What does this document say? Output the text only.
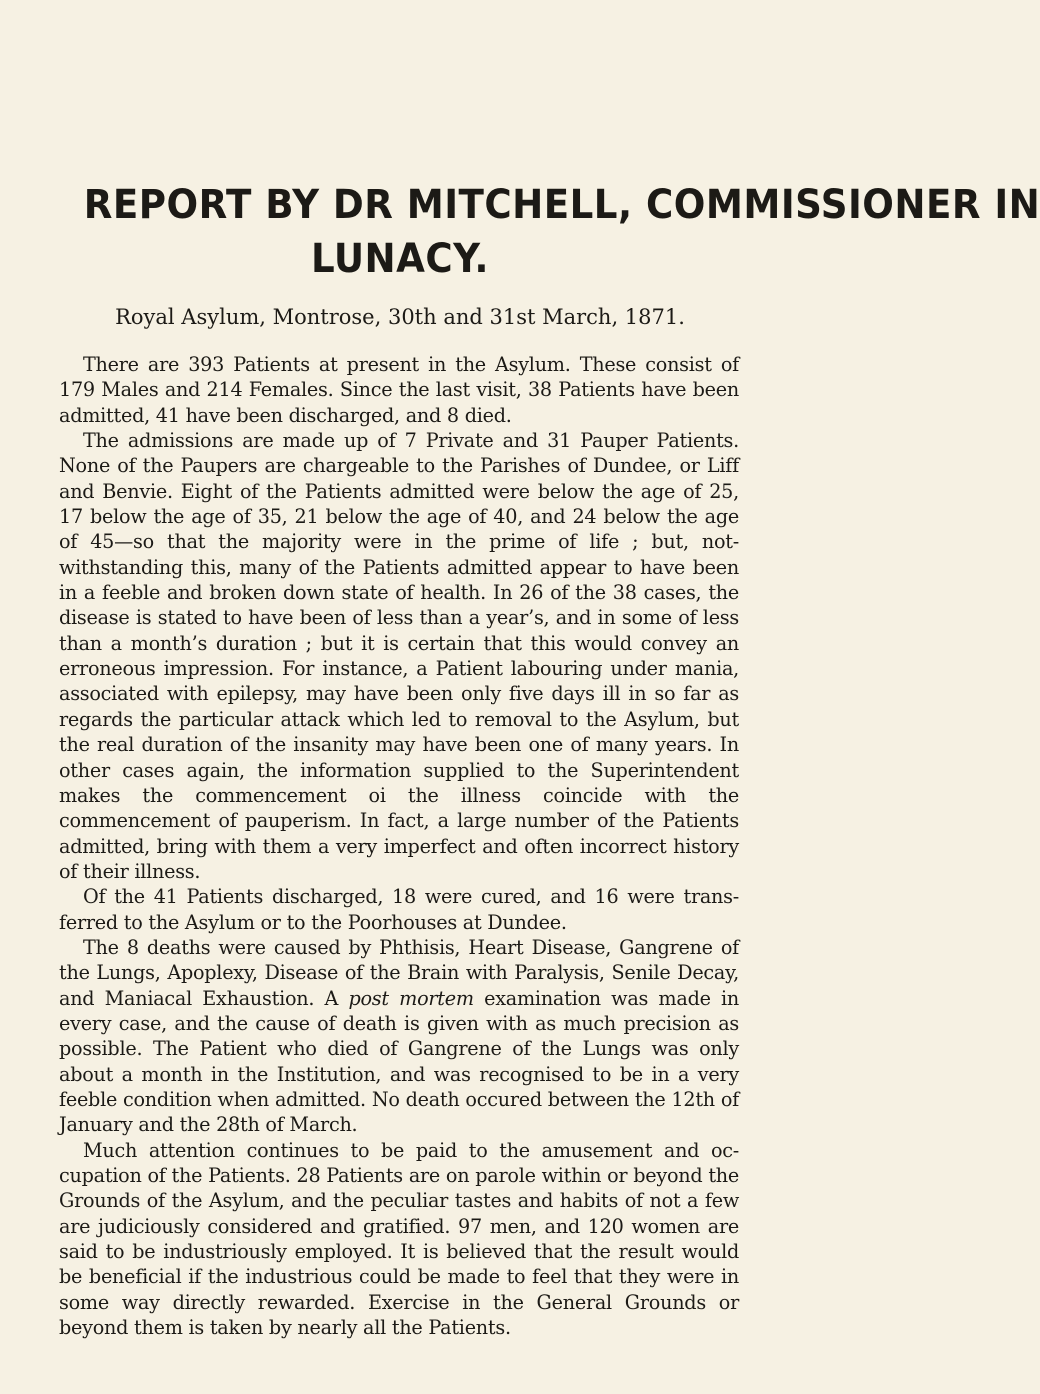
REPORT BY DR MITCHELL, COMMISSIONER IN
LUNACY.

Royal Asylum, Montrose, 30th and 31st March, 1871.

There are 393 Patients at present in the Asylum. These consist of 179 Males and 214 Females. Since the last visit, 38 Patients have been admitted, 41 have been discharged, and 8 died.

The admissions are made up of 7 Private and 31 Pauper Patients. None of the Paupers are chargeable to the Parishes of Dundee, or Liff and Benvie. Eight of the Patients admitted were below the age of 25, 17 below the age of 35, 21 below the age of 40, and 24 below the age of 45—so that the majority were in the prime of life ; but, not- withstanding this, many of the Patients admitted appear to have been in a feeble and broken down state of health. In 26 of the 38 cases, the disease is stated to have been of less than a year’s, and in some of less than a month’s duration ; but it is certain that this would convey an erroneous impression. For instance, a Patient labouring under mania, associated with epilepsy, may have been only five days ill in so far as regards the particular attack which led to removal to the Asylum, but the real duration of the insanity may have been one of many years. In other cases again, the information supplied to the Superintendent makes the commencement oi the illness coincide with the commencement of pauperism. In fact, a large number of the Patients admitted, bring with them a very imperfect and often incorrect history of their illness.

Of the 41 Patients discharged, 18 were cured, and 16 were trans- ferred to the Asylum or to the Poorhouses at Dundee.

The 8 deaths were caused by Phthisis, Heart Disease, Gangrene of the Lungs, Apoplexy, Disease of the Brain with Paralysis, Senile Decay, and Maniacal Exhaustion. A post mortem examination was made in every case, and the cause of death is given with as much precision as possible. The Patient who died of Gangrene of the Lungs was only about a month in the Institution, and was recognised to be in a very feeble condition when admitted. No death occured between the 12th of January and the 28th of March.

Much attention continues to be paid to the amusement and oc- cupation of the Patients. 28 Patients are on parole within or beyond the Grounds of the Asylum, and the peculiar tastes and habits of not a few are judiciously considered and gratified. 97 men, and 120 women are said to be industriously employed. It is believed that the result would be beneficial if the industrious could be made to feel that they were in some way directly rewarded. Exercise in the General Grounds or beyond them is taken by nearly all the Patients.
